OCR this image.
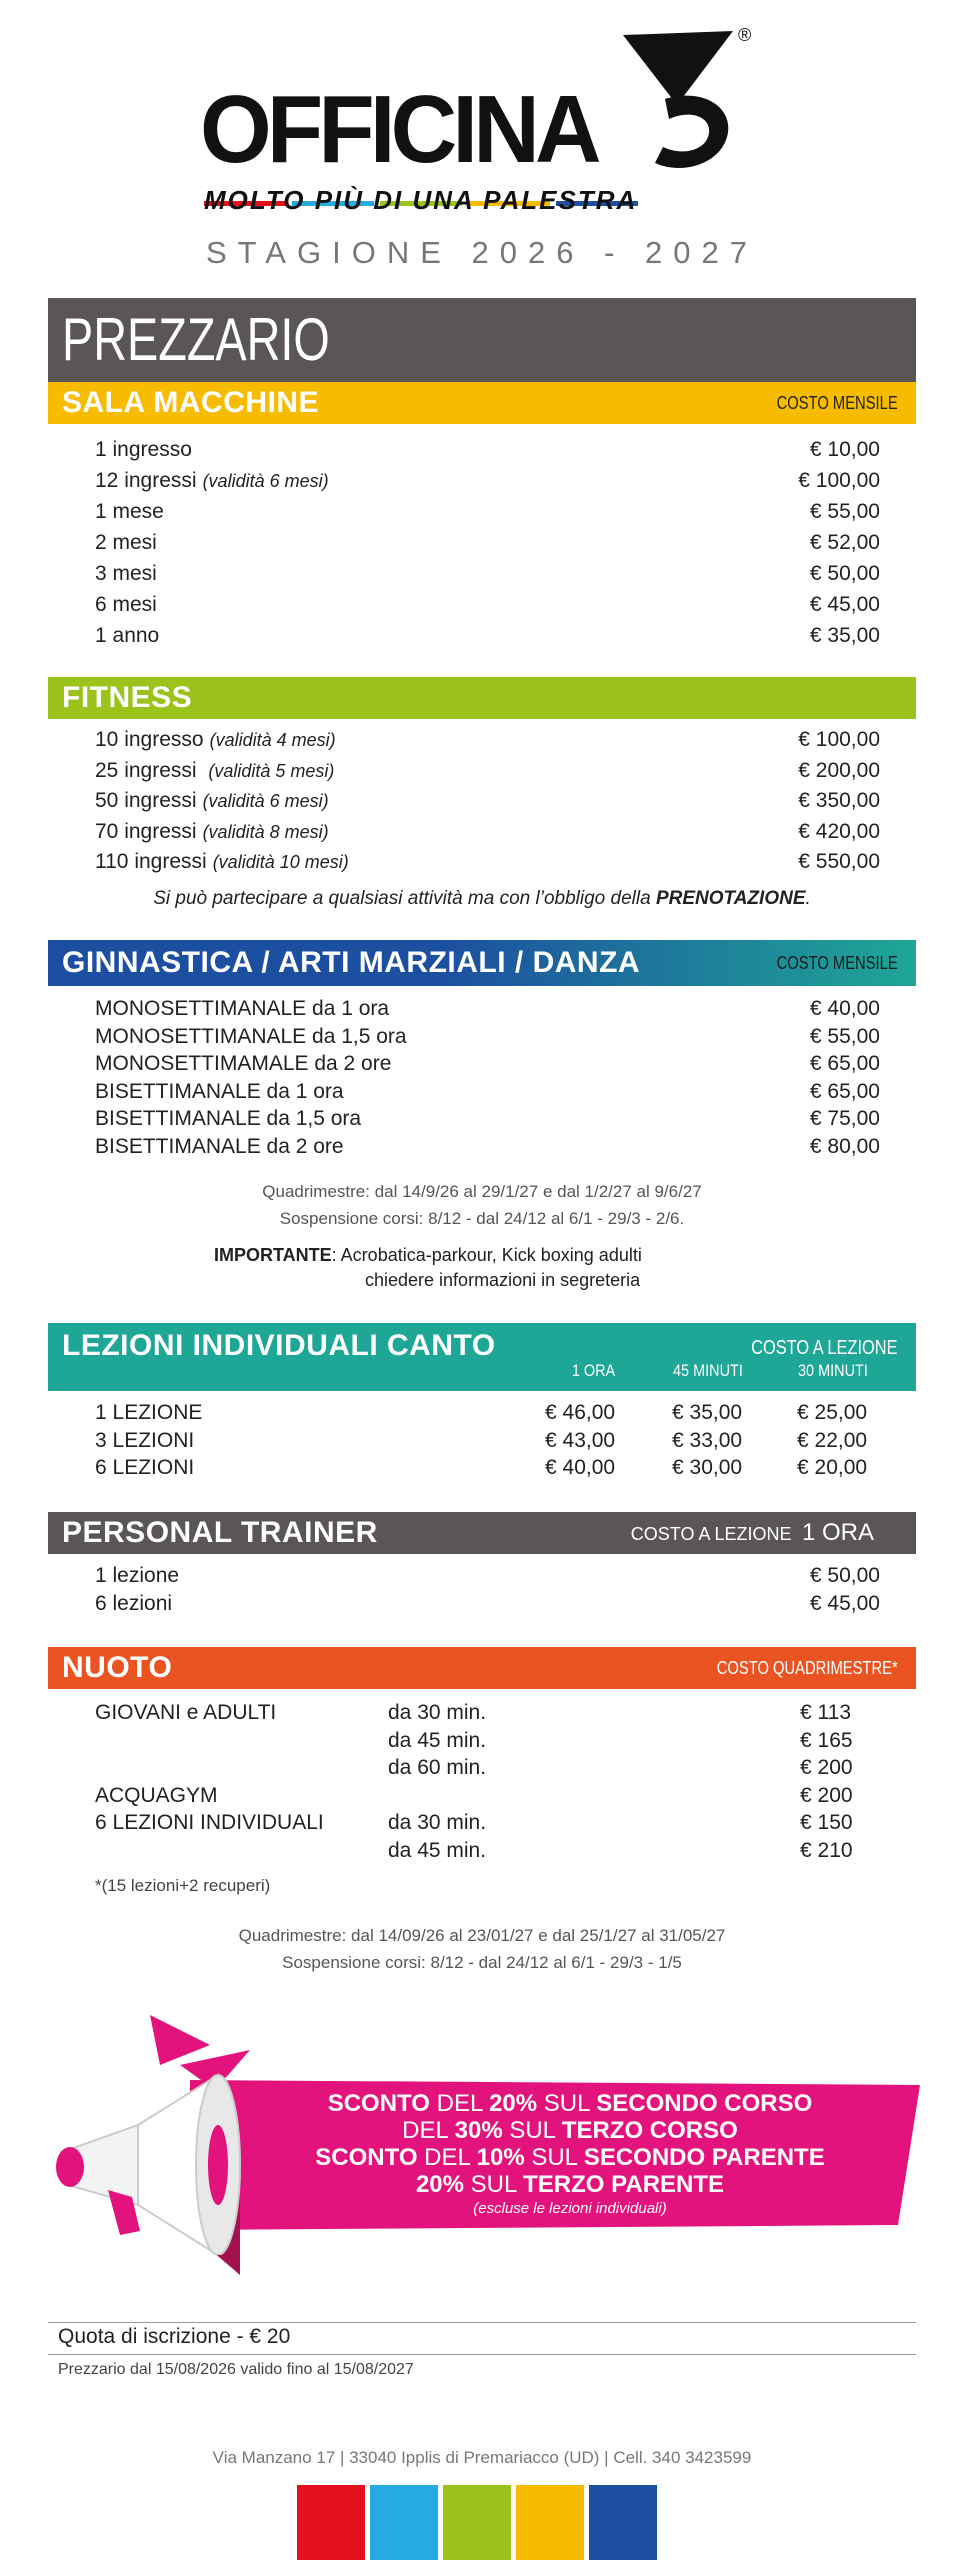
OFFICINA
®
MOLTO PIÙ DI UNA PALESTRA
STAGIONE 2026 - 2027
PREZZARIO
SALA MACCHINE	COSTO MENSILE
1 ingresso	€ 10,00
12 ingressi (validità 6 mesi)	€ 100,00
1 mese	€ 55,00
2 mesi	€ 52,00
3 mesi	€ 50,00
6 mesi	€ 45,00
1 anno	€ 35,00
FITNESS
10 ingresso (validità 4 mesi)	€ 100,00
25 ingressi (validità 5 mesi)	€ 200,00
50 ingressi (validità 6 mesi)	€ 350,00
70 ingressi (validità 8 mesi)	€ 420,00
110 ingressi (validità 10 mesi)	€ 550,00
Si può partecipare a qualsiasi attività ma con l’obbligo della PRENOTAZIONE.
GINNASTICA / ARTI MARZIALI / DANZA	COSTO MENSILE
MONOSETTIMANALE da 1 ora	€ 40,00
MONOSETTIMANALE da 1,5 ora	€ 55,00
MONOSETTIMAMALE da 2 ore	€ 65,00
BISETTIMANALE da 1 ora	€ 65,00
BISETTIMANALE da 1,5 ora	€ 75,00
BISETTIMANALE da 2 ore	€ 80,00
Quadrimestre: dal 14/9/26 al 29/1/27 e dal 1/2/27 al 9/6/27
Sospensione corsi: 8/12 - dal 24/12 al 6/1 - 29/3 - 2/6.
IMPORTANTE: Acrobatica-parkour, Kick boxing adulti
chiedere informazioni in segreteria
LEZIONI INDIVIDUALI CANTO	COSTO A LEZIONE
1 ORA	45 MINUTI	30 MINUTI
1 LEZIONE	€ 46,00	€ 35,00	€ 25,00
3 LEZIONI	€ 43,00	€ 33,00	€ 22,00
6 LEZIONI	€ 40,00	€ 30,00	€ 20,00
PERSONAL TRAINER	COSTO A LEZIONE 1 ORA
1 lezione	€ 50,00
6 lezioni	€ 45,00
NUOTO	COSTO QUADRIMESTRE*
GIOVANI e ADULTI	da 30 min.	€ 113
da 45 min.	€ 165
da 60 min.	€ 200
ACQUAGYM	€ 200
6 LEZIONI INDIVIDUALI	da 30 min.	€ 150
da 45 min.	€ 210
*(15 lezioni+2 recuperi)
Quadrimestre: dal 14/09/26 al 23/01/27 e dal 25/1/27 al 31/05/27
Sospensione corsi: 8/12 - dal 24/12 al 6/1 - 29/3 - 1/5
SCONTO DEL 20% SUL SECONDO CORSO
DEL 30% SUL TERZO CORSO
SCONTO DEL 10% SUL SECONDO PARENTE
20% SUL TERZO PARENTE
(escluse le lezioni individuali)
Quota di iscrizione - € 20
Prezzario dal 15/08/2026 valido fino al 15/08/2027
Via Manzano 17 | 33040 Ipplis di Premariacco (UD) | Cell. 340 3423599
